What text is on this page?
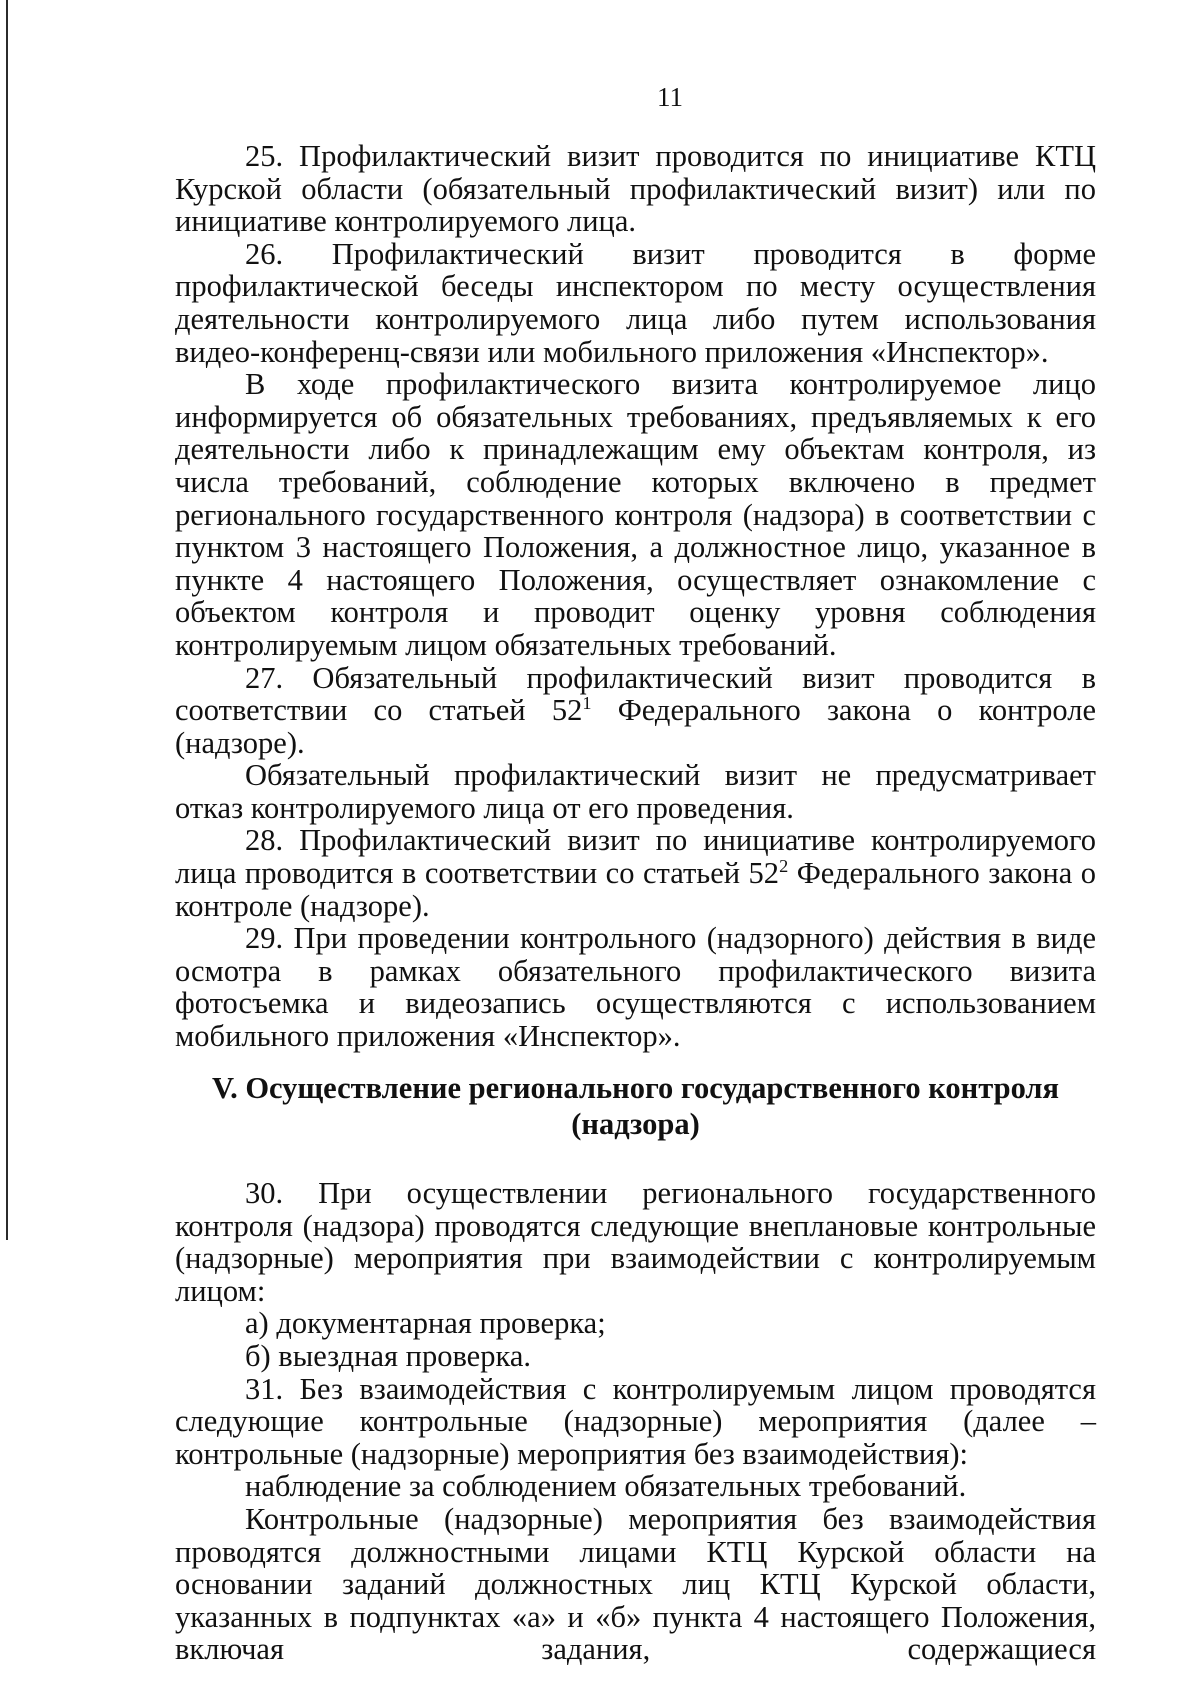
11

25. Профилактический визит проводится по инициативе КТЦ Курской области (обязательный профилактический визит) или по инициативе контролируемого лица.

26. Профилактический визит проводится в форме профилактической беседы инспектором по месту осуществления деятельности контролируемого лица либо путем использования видео-конференц-связи или мобильного приложения «Инспектор».

В ходе профилактического визита контролируемое лицо информируется об обязательных требованиях, предъявляемых к его деятельности либо к принадлежащим ему объектам контроля, из числа требований, соблюдение которых включено в предмет регионального государственного контроля (надзора) в соответствии с пунктом 3 настоящего Положения, а должностное лицо, указанное в пункте 4 настоящего Положения, осуществляет ознакомление с объектом контроля и проводит оценку уровня соблюдения контролируемым лицом обязательных требований.

27. Обязательный профилактический визит проводится в соответствии со статьей $52^1$ Федерального закона о контроле (надзоре).

Обязательный профилактический визит не предусматривает отказ контролируемого лица от его проведения.

28. Профилактический визит по инициативе контролируемого лица проводится в соответствии со статьей $52^2$ Федерального закона о контроле (надзоре).

29. При проведении контрольного (надзорного) действия в виде осмотра в рамках обязательного профилактического визита фотосъемка и видеозапись осуществляются с использованием мобильного приложения «Инспектор».

V. Осуществление регионального государственного контроля
(надзора)

30. При осуществлении регионального государственного контроля (надзора) проводятся следующие внеплановые контрольные (надзорные) мероприятия при взаимодействии с контролируемым лицом:

а) документарная проверка;

б) выездная проверка.

31. Без взаимодействия с контролируемым лицом проводятся следующие контрольные (надзорные) мероприятия (далее – контрольные (надзорные) мероприятия без взаимодействия):

наблюдение за соблюдением обязательных требований.

Контрольные (надзорные) мероприятия без взаимодействия проводятся должностными лицами КТЦ Курской области на основании заданий должностных лиц КТЦ Курской области, указанных в подпунктах «а» и «б» пункта 4 настоящего Положения, включая задания, содержащиеся
